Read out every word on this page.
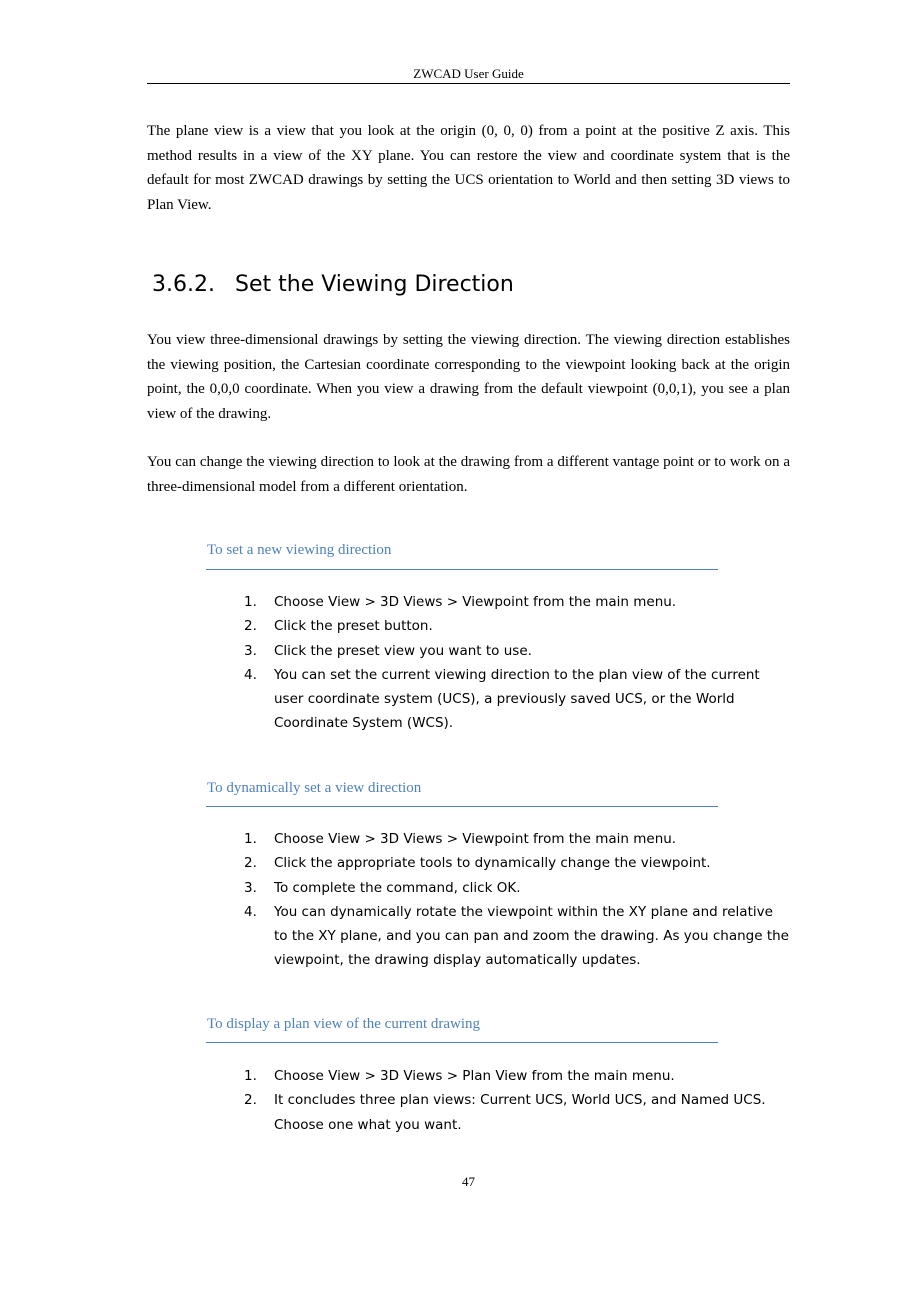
ZWCAD User Guide

The plane view is a view that you look at the origin (0, 0, 0) from a point at the positive Z axis. This method results in a view of the XY plane. You can restore the view and coordinate system that is the default for most ZWCAD drawings by setting the UCS orientation to World and then setting 3D views to Plan View.

3.6.2. Set the Viewing Direction

You view three-dimensional drawings by setting the viewing direction. The viewing direction establishes the viewing position, the Cartesian coordinate corresponding to the viewpoint looking back at the origin point, the 0,0,0 coordinate. When you view a drawing from the default viewpoint (0,0,1), you see a plan view of the drawing.

You can change the viewing direction to look at the drawing from a different vantage point or to work on a three-dimensional model from a different orientation.

To set a new viewing direction
1. Choose View > 3D Views > Viewpoint from the main menu.
2. Click the preset button.
3. Click the preset view you want to use.
4. You can set the current viewing direction to the plan view of the current user coordinate system (UCS), a previously saved UCS, or the World Coordinate System (WCS).
To dynamically set a view direction
1. Choose View > 3D Views > Viewpoint from the main menu.
2. Click the appropriate tools to dynamically change the viewpoint.
3. To complete the command, click OK.
4. You can dynamically rotate the viewpoint within the XY plane and relative to the XY plane, and you can pan and zoom the drawing. As you change the viewpoint, the drawing display automatically updates.
To display a plan view of the current drawing
1. Choose View > 3D Views > Plan View from the main menu.
2. It concludes three plan views: Current UCS, World UCS, and Named UCS. Choose one what you want.
47
